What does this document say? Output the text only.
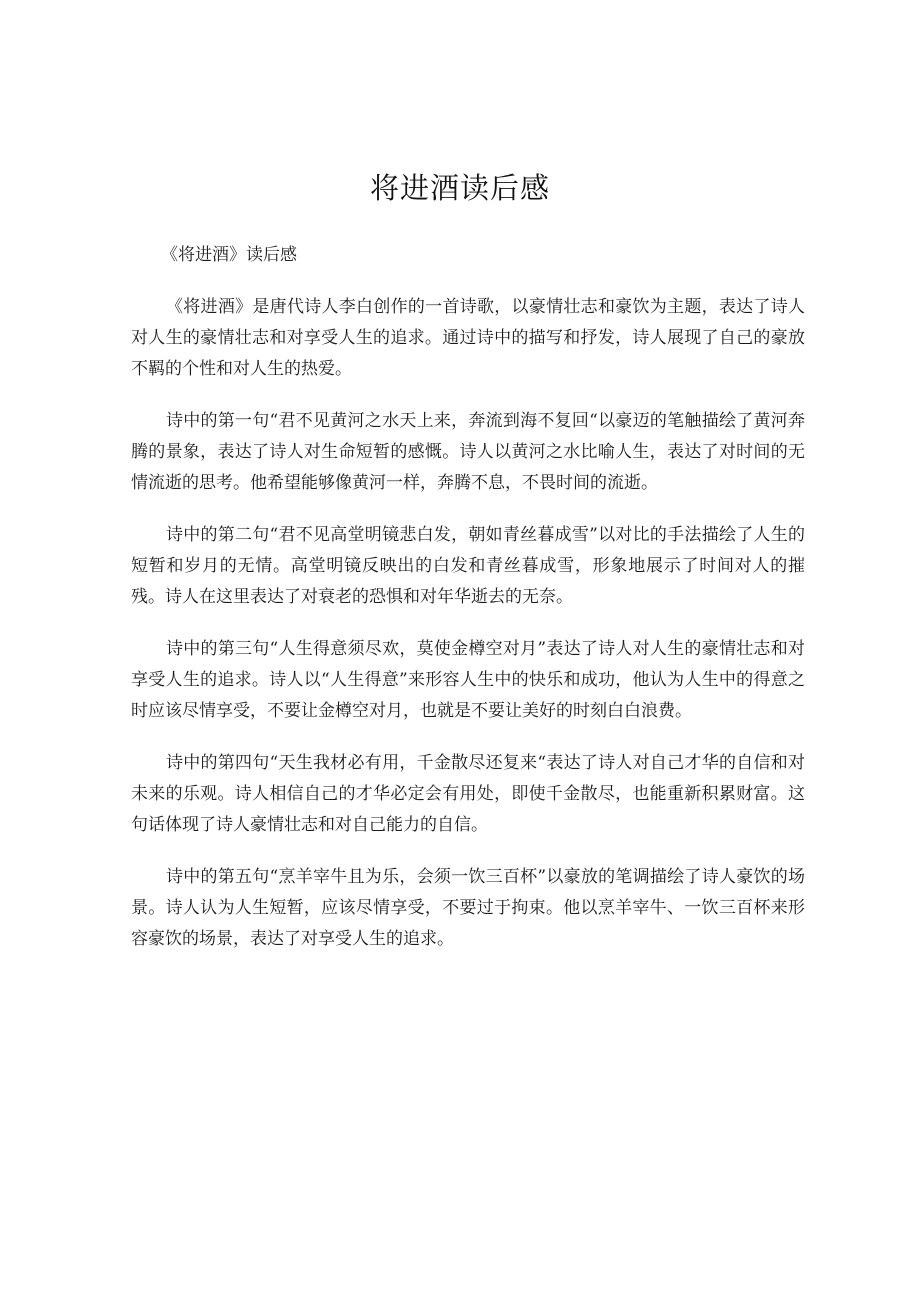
将进酒读后感

《将进酒》读后感

《将进酒》是唐代诗人李白创作的一首诗歌，以豪情壮志和豪饮为主题，表达了诗人对人生的豪情壮志和对享受人生的追求。通过诗中的描写和抒发，诗人展现了自己的豪放不羁的个性和对人生的热爱。

诗中的第一句“君不见黄河之水天上来，奔流到海不复回“以豪迈的笔触描绘了黄河奔腾的景象，表达了诗人对生命短暂的感慨。诗人以黄河之水比喻人生，表达了对时间的无情流逝的思考。他希望能够像黄河一样，奔腾不息，不畏时间的流逝。

诗中的第二句“君不见高堂明镜悲白发，朝如青丝暮成雪”以对比的手法描绘了人生的短暂和岁月的无情。高堂明镜反映出的白发和青丝暮成雪，形象地展示了时间对人的摧残。诗人在这里表达了对衰老的恐惧和对年华逝去的无奈。

诗中的第三句“人生得意须尽欢，莫使金樽空对月”表达了诗人对人生的豪情壮志和对享受人生的追求。诗人以“人生得意”来形容人生中的快乐和成功，他认为人生中的得意之时应该尽情享受，不要让金樽空对月，也就是不要让美好的时刻白白浪费。

诗中的第四句“天生我材必有用，千金散尽还复来“表达了诗人对自己才华的自信和对未来的乐观。诗人相信自己的才华必定会有用处，即使千金散尽，也能重新积累财富。这句话体现了诗人豪情壮志和对自己能力的自信。

诗中的第五句“烹羊宰牛且为乐，会须一饮三百杯”以豪放的笔调描绘了诗人豪饮的场景。诗人认为人生短暂，应该尽情享受，不要过于拘束。他以烹羊宰牛、一饮三百杯来形容豪饮的场景，表达了对享受人生的追求。
